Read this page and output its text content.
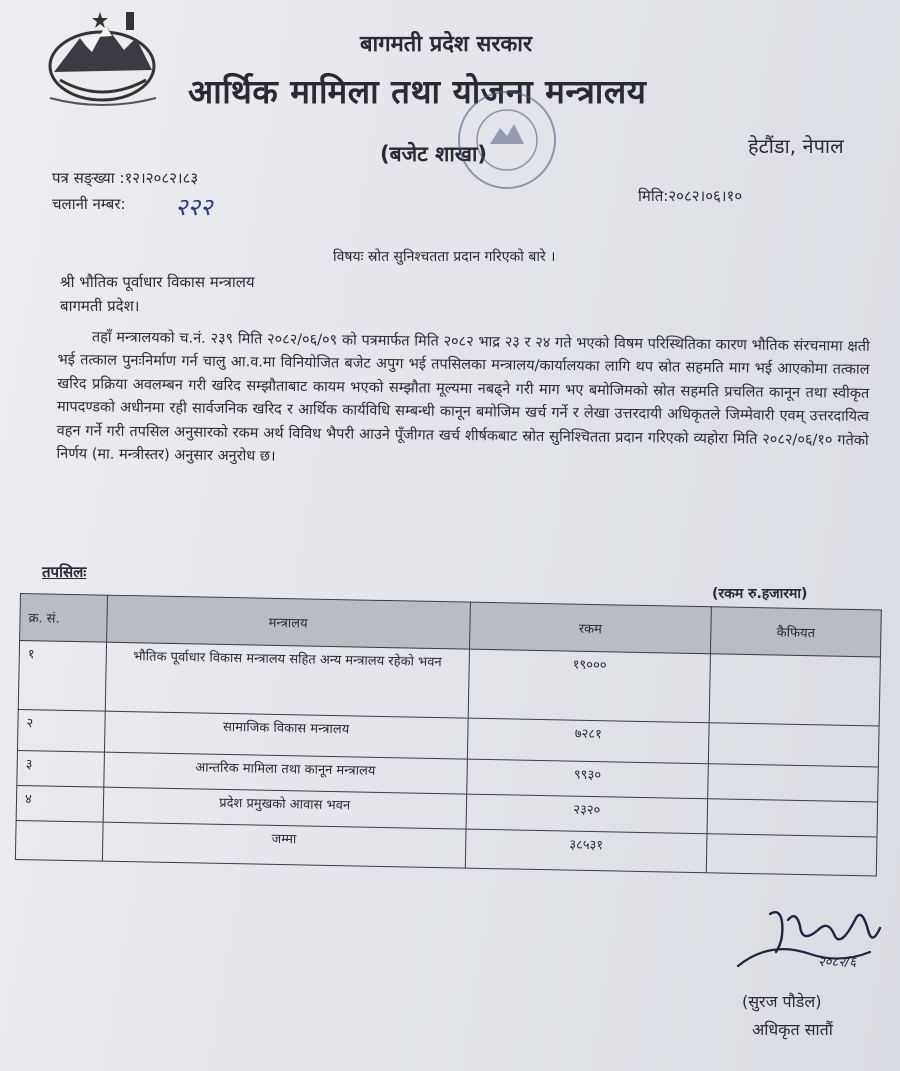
बागमती प्रदेश सरकार
आर्थिक मामिला तथा योजना मन्त्रालय
(बजेट शाखा)	हेटौंडा, नेपाल
पत्र सङ्ख्या :१२।२०८२।८३
चलानी नम्बर: २२२	मिति:२०८२।०६।१०
विषयः स्रोत सुनिश्चतता प्रदान गरिएको बारे ।
श्री भौतिक पूर्वाधार विकास मन्त्रालय
बागमती प्रदेश।
तहाँ मन्त्रालयको च.नं. २३९ मिति २०८२/०६/०९ को पत्रमार्फत मिति २०८२ भाद्र २३ र २४ गते भएको विषम परिस्थितिका कारण भौतिक संरचनामा क्षती भई तत्काल पुनःनिर्माण गर्न चालु आ.व.मा विनियोजित बजेट अपुग भई तपसिलका मन्त्रालय/कार्यालयका लागि थप स्रोत सहमति माग भई आएकोमा तत्काल खरिद प्रक्रिया अवलम्बन गरी खरिद सम्झौताबाट कायम भएको सम्झौता मूल्यमा नबढ्ने गरी माग भए बमोजिमको स्रोत सहमति प्रचलित कानून तथा स्वीकृत मापदण्डको अधीनमा रही सार्वजनिक खरिद र आर्थिक कार्यविधि सम्बन्धी कानून बमोजिम खर्च गर्ने र लेखा उत्तरदायी अधिकृतले जिम्मेवारी एवम् उत्तरदायित्व वहन गर्ने गरी तपसिल अनुसारको रकम अर्थ विविध भैपरी आउने पूँजीगत खर्च शीर्षकबाट स्रोत सुनिश्चितता प्रदान गरिएको व्यहोरा मिति २०८२/०६/१० गतेको निर्णय (मा. मन्त्रीस्तर) अनुसार अनुरोध छ।
तपसिलः
(रकम रु.हजारमा)
क्र. सं.	मन्त्रालय	रकम	कैफियत
१	भौतिक पूर्वाधार विकास मन्त्रालय सहित अन्य मन्त्रालय रहेको भवन	१९०००	
२	सामाजिक विकास मन्त्रालय	७२८१	
३	आन्तरिक मामिला तथा कानून मन्त्रालय	९९३०	
४	प्रदेश प्रमुखको आवास भवन	२३२०	
	जम्मा	३८५३१	
२०८२/६
(सुरज पौडेल)
अधिकृत सातौं
